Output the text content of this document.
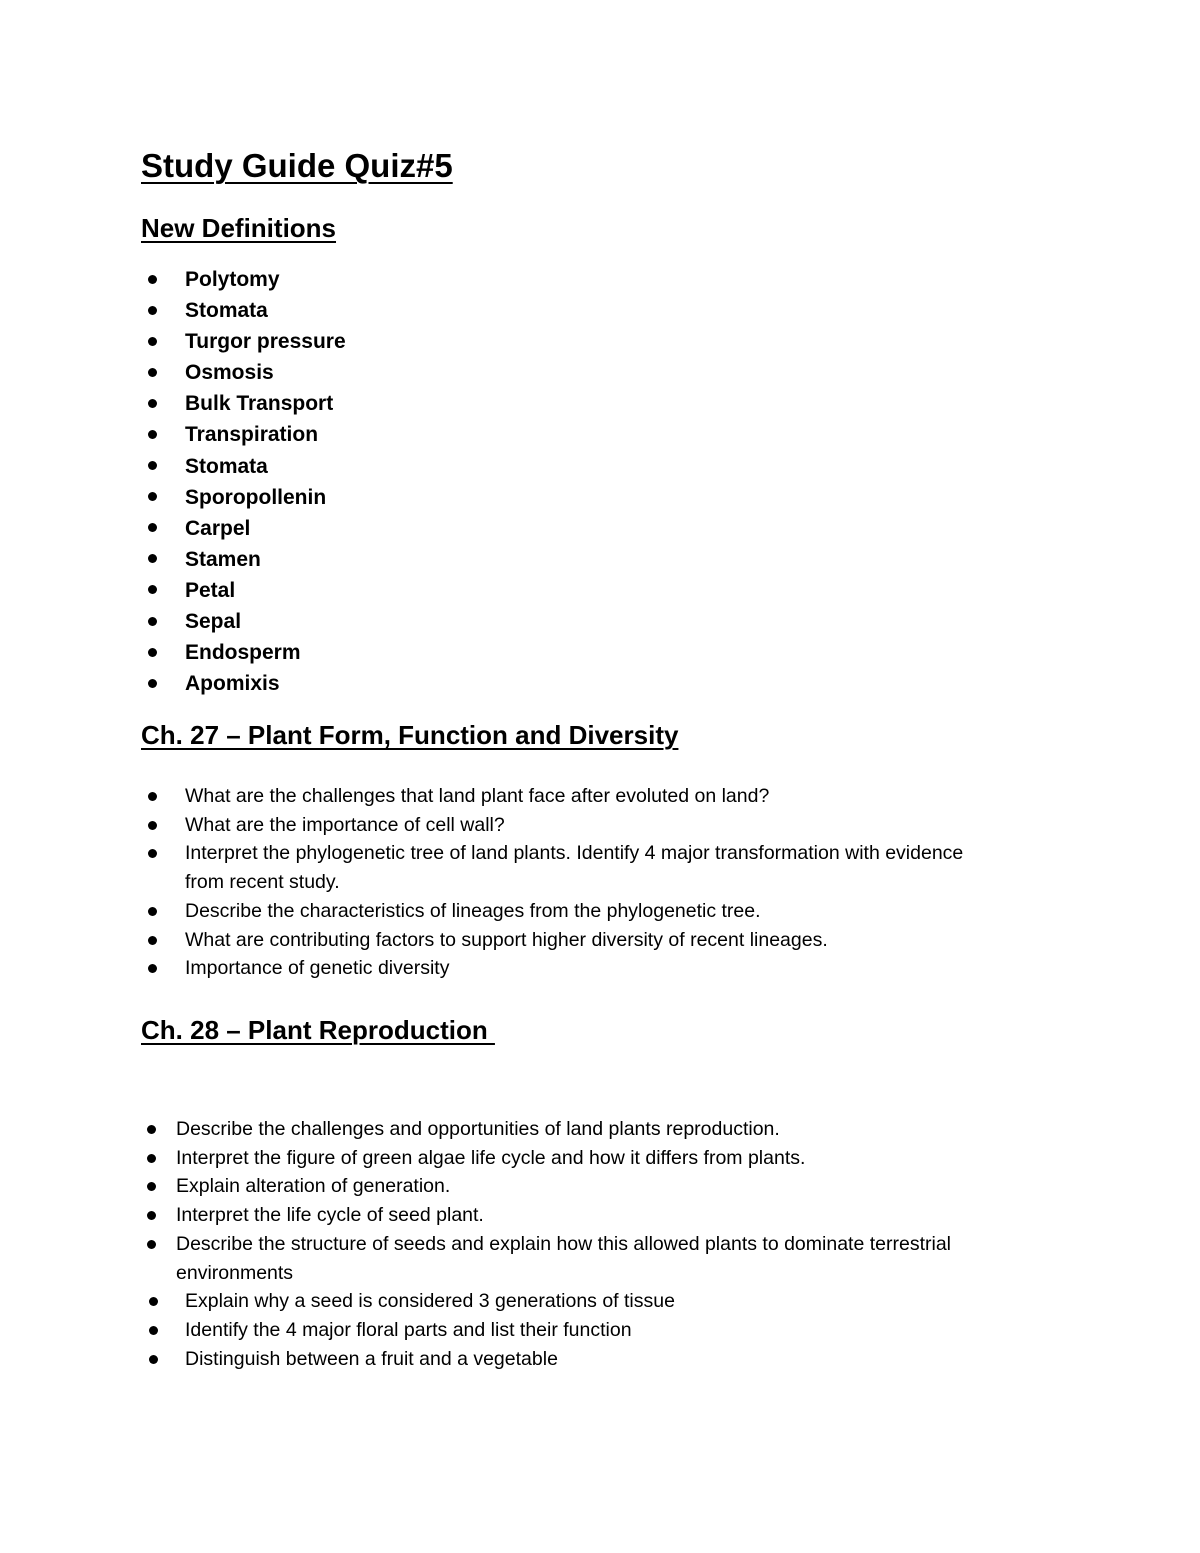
Study Guide Quiz#5
New Definitions
Polytomy
Stomata
Turgor pressure
Osmosis
Bulk Transport
Transpiration
Stomata
Sporopollenin
Carpel
Stamen
Petal
Sepal
Endosperm
Apomixis
Ch. 27 – Plant Form, Function and Diversity
What are the challenges that land plant face after evoluted on land?
What are the importance of cell wall?
Interpret the phylogenetic tree of land plants. Identify 4 major transformation with evidence from recent study.
Describe the characteristics of lineages from the phylogenetic tree.
What are contributing factors to support higher diversity of recent lineages.
Importance of genetic diversity
Ch. 28 – Plant Reproduction
Describe the challenges and opportunities of land plants reproduction.
Interpret the figure of green algae life cycle and how it differs from plants.
Explain alteration of generation.
Interpret the life cycle of seed plant.
Describe the structure of seeds and explain how this allowed plants to dominate terrestrial environments
Explain why a seed is considered 3 generations of tissue
Identify the 4 major floral parts and list their function
Distinguish between a fruit and a vegetable
